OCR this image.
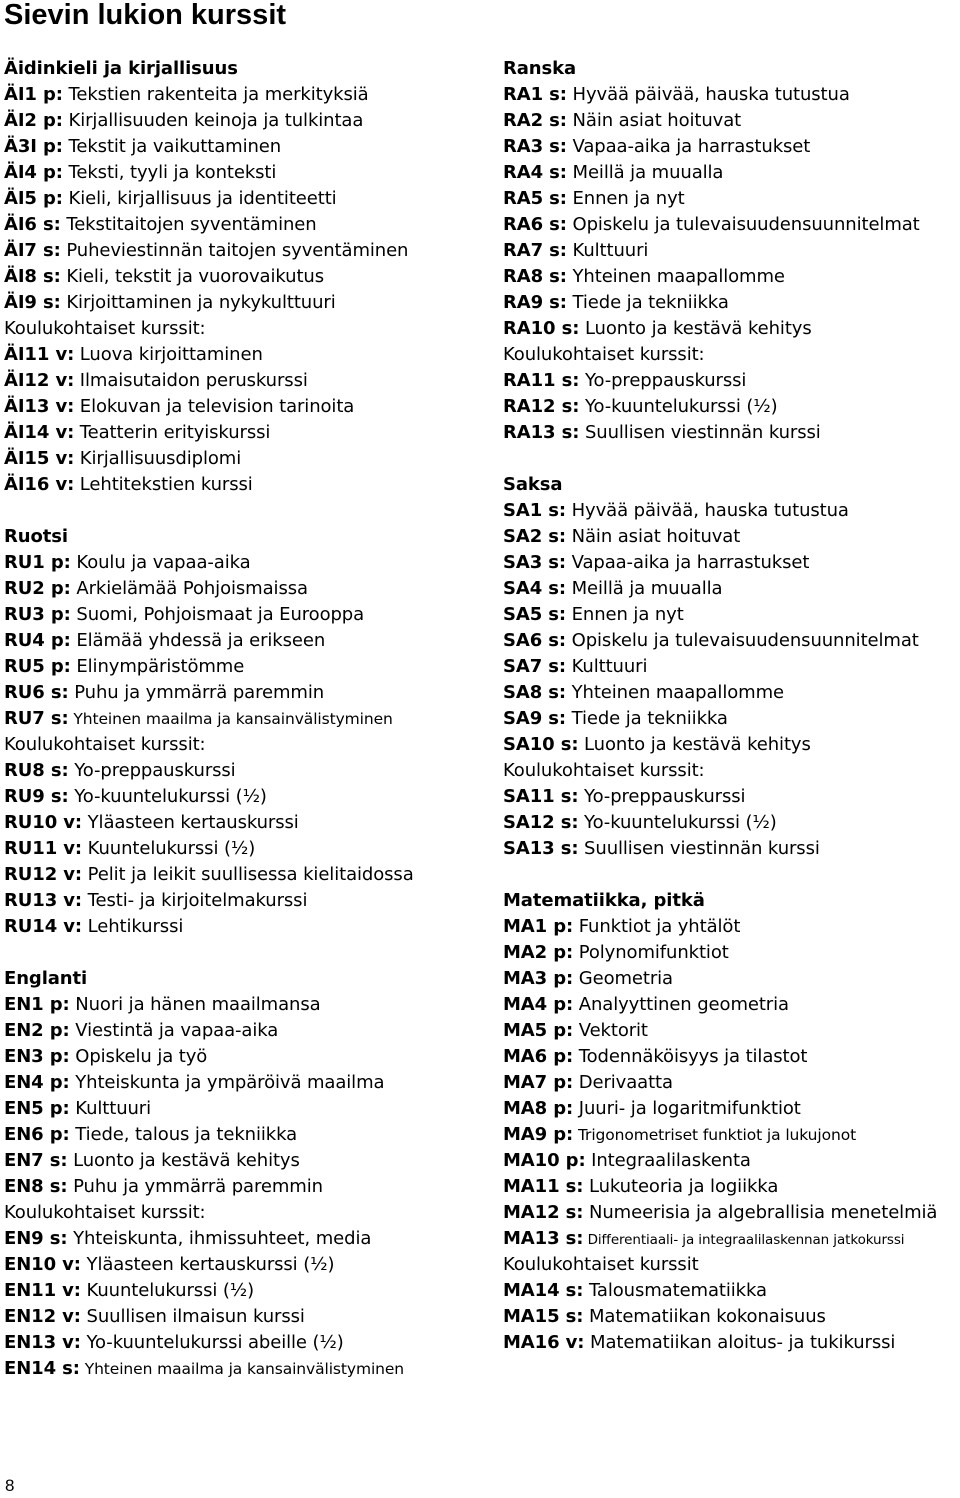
Sievin lukion kurssit
Äidinkieli ja kirjallisuus
ÄI1 p: Tekstien rakenteita ja merkityksiä
ÄI2 p: Kirjallisuuden keinoja ja tulkintaa
Ä3I p: Tekstit ja vaikuttaminen
ÄI4 p: Teksti, tyyli ja konteksti
ÄI5 p: Kieli, kirjallisuus ja identiteetti
ÄI6 s: Tekstitaitojen syventäminen
ÄI7 s: Puheviestinnän taitojen syventäminen
ÄI8 s: Kieli, tekstit ja vuorovaikutus
ÄI9 s: Kirjoittaminen ja nykykulttuuri
Koulukohtaiset kurssit:
ÄI11 v: Luova kirjoittaminen
ÄI12 v: Ilmaisutaidon peruskurssi
ÄI13 v: Elokuvan ja television tarinoita
ÄI14 v: Teatterin erityiskurssi
ÄI15 v: Kirjallisuusdiplomi
ÄI16 v: Lehtitekstien kurssi
Ruotsi
RU1 p: Koulu ja vapaa-aika
RU2 p: Arkielämää Pohjoismaissa
RU3 p: Suomi, Pohjoismaat ja Eurooppa
RU4 p: Elämää yhdessä ja erikseen
RU5 p: Elinympäristömme
RU6 s: Puhu ja ymmärrä paremmin
RU7 s: Yhteinen maailma ja kansainvälistyminen
Koulukohtaiset kurssit:
RU8 s: Yo-preppauskurssi
RU9 s: Yo-kuuntelukurssi (½)
RU10 v: Yläasteen kertauskurssi
RU11 v: Kuuntelukurssi (½)
RU12 v: Pelit ja leikit suullisessa kielitaidossa
RU13 v: Testi- ja kirjoitelmakurssi
RU14 v: Lehtikurssi
Englanti
EN1 p: Nuori ja hänen maailmansa
EN2 p: Viestintä ja vapaa-aika
EN3 p: Opiskelu ja työ
EN4 p: Yhteiskunta ja ympäröivä maailma
EN5 p: Kulttuuri
EN6 p: Tiede, talous ja tekniikka
EN7 s: Luonto ja kestävä kehitys
EN8 s: Puhu ja ymmärrä paremmin
Koulukohtaiset kurssit:
EN9 s: Yhteiskunta, ihmissuhteet, media
EN10 v: Yläasteen kertauskurssi (½)
EN11 v: Kuuntelukurssi (½)
EN12 v: Suullisen ilmaisun kurssi
EN13 v: Yo-kuuntelukurssi abeille (½)
EN14 s: Yhteinen maailma ja kansainvälistyminen
Ranska
RA1 s: Hyvää päivää, hauska tutustua
RA2 s: Näin asiat hoituvat
RA3 s: Vapaa-aika ja harrastukset
RA4 s: Meillä ja muualla
RA5 s: Ennen ja nyt
RA6 s: Opiskelu ja tulevaisuudensuunnitelmat
RA7 s: Kulttuuri
RA8 s: Yhteinen maapallomme
RA9 s: Tiede ja tekniikka
RA10 s: Luonto ja kestävä kehitys
Koulukohtaiset kurssit:
RA11 s: Yo-preppauskurssi
RA12 s: Yo-kuuntelukurssi (½)
RA13 s: Suullisen viestinnän kurssi
Saksa
SA1 s: Hyvää päivää, hauska tutustua
SA2 s: Näin asiat hoituvat
SA3 s: Vapaa-aika ja harrastukset
SA4 s: Meillä ja muualla
SA5 s: Ennen ja nyt
SA6 s: Opiskelu ja tulevaisuudensuunnitelmat
SA7 s: Kulttuuri
SA8 s: Yhteinen maapallomme
SA9 s: Tiede ja tekniikka
SA10 s: Luonto ja kestävä kehitys
Koulukohtaiset kurssit:
SA11 s: Yo-preppauskurssi
SA12 s: Yo-kuuntelukurssi (½)
SA13 s: Suullisen viestinnän kurssi
Matematiikka, pitkä
MA1 p: Funktiot ja yhtälöt
MA2 p: Polynomifunktiot
MA3 p: Geometria
MA4 p: Analyyttinen geometria
MA5 p: Vektorit
MA6 p: Todennäköisyys ja tilastot
MA7 p: Derivaatta
MA8 p: Juuri- ja logaritmifunktiot
MA9 p: Trigonometriset funktiot ja lukujonot
MA10 p: Integraalilaskenta
MA11 s: Lukuteoria ja logiikka
MA12 s: Numeerisia ja algebrallisia menetelmiä
MA13 s: Differentiaali- ja integraalilaskennan jatkokurssi
Koulukohtaiset kurssit
MA14 s: Talousmatematiikka
MA15 s: Matematiikan kokonaisuus
MA16 v: Matematiikan aloitus- ja tukikurssi
8
